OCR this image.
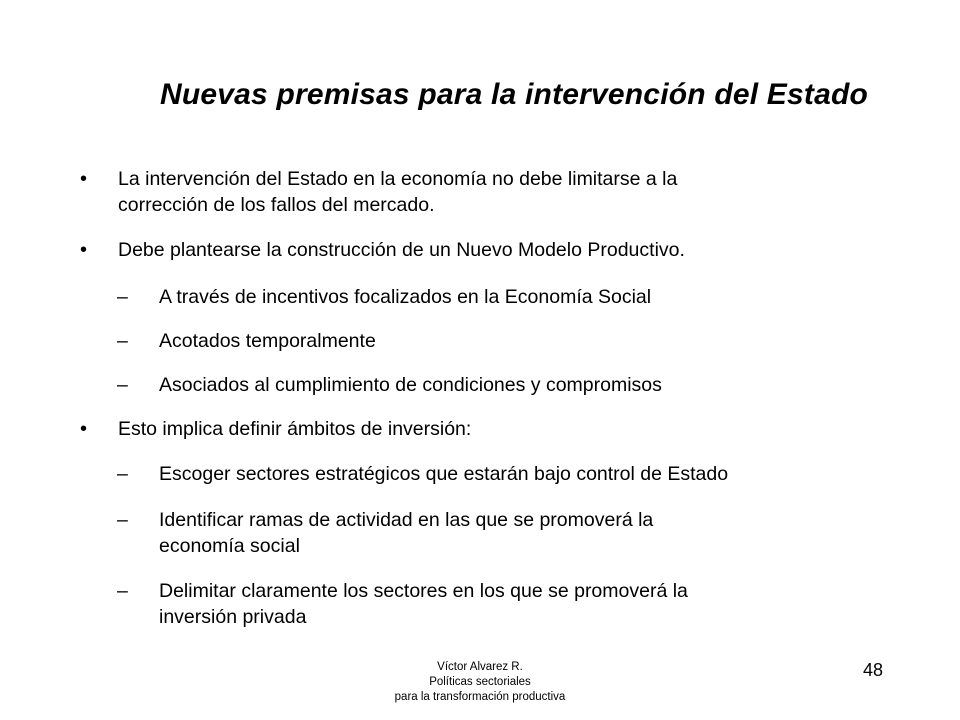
Nuevas premisas para la intervención del Estado
• La intervención del Estado en la economía no debe limitarse a la
corrección de los fallos del mercado.
• Debe plantearse la construcción de un Nuevo Modelo Productivo.
– A través de incentivos focalizados en la Economía Social
– Acotados temporalmente
– Asociados al cumplimiento de condiciones y compromisos
• Esto implica definir ámbitos de inversión:
– Escoger sectores estratégicos que estarán bajo control de Estado
– Identificar ramas de actividad en las que se promoverá la
economía social
– Delimitar claramente los sectores en los que se promoverá la
inversión privada
Víctor Alvarez R.
Políticas sectoriales
para la transformación productiva
48
